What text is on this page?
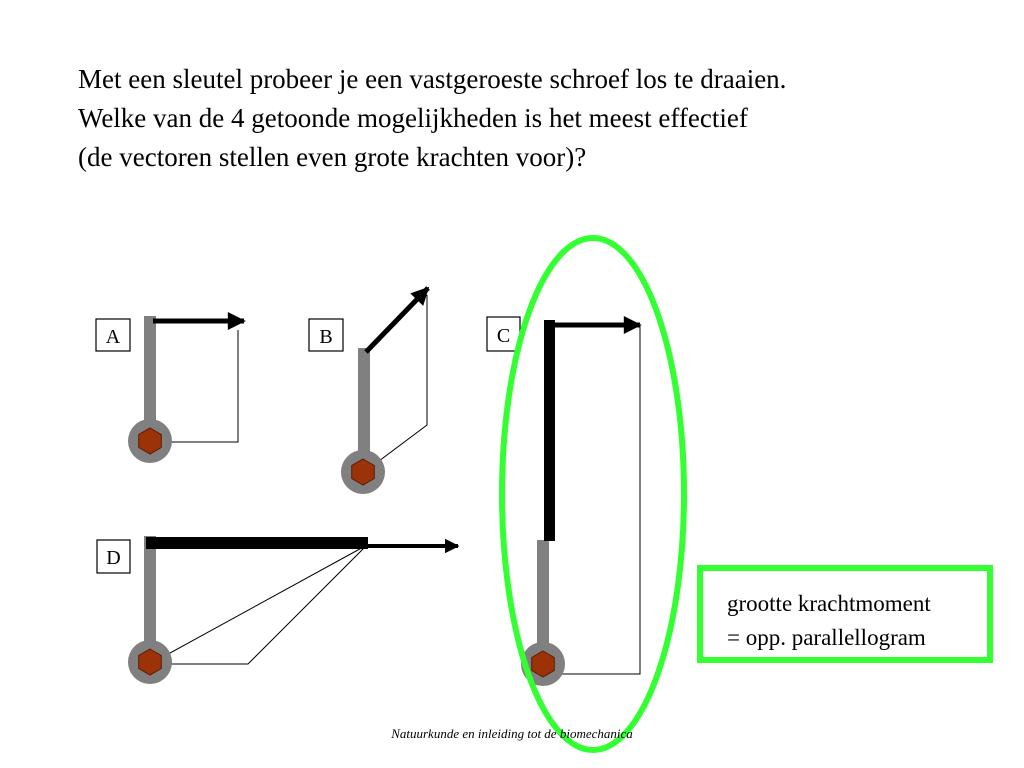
Met een sleutel probeer je een vastgeroeste schroef los te draaien.
Welke van de 4 getoonde mogelijkheden is het meest effectief
(de vectoren stellen even grote krachten voor)?
A	B	C
D
grootte krachtmoment
= opp. parallellogram
Natuurkunde en inleiding tot de biomechanica
